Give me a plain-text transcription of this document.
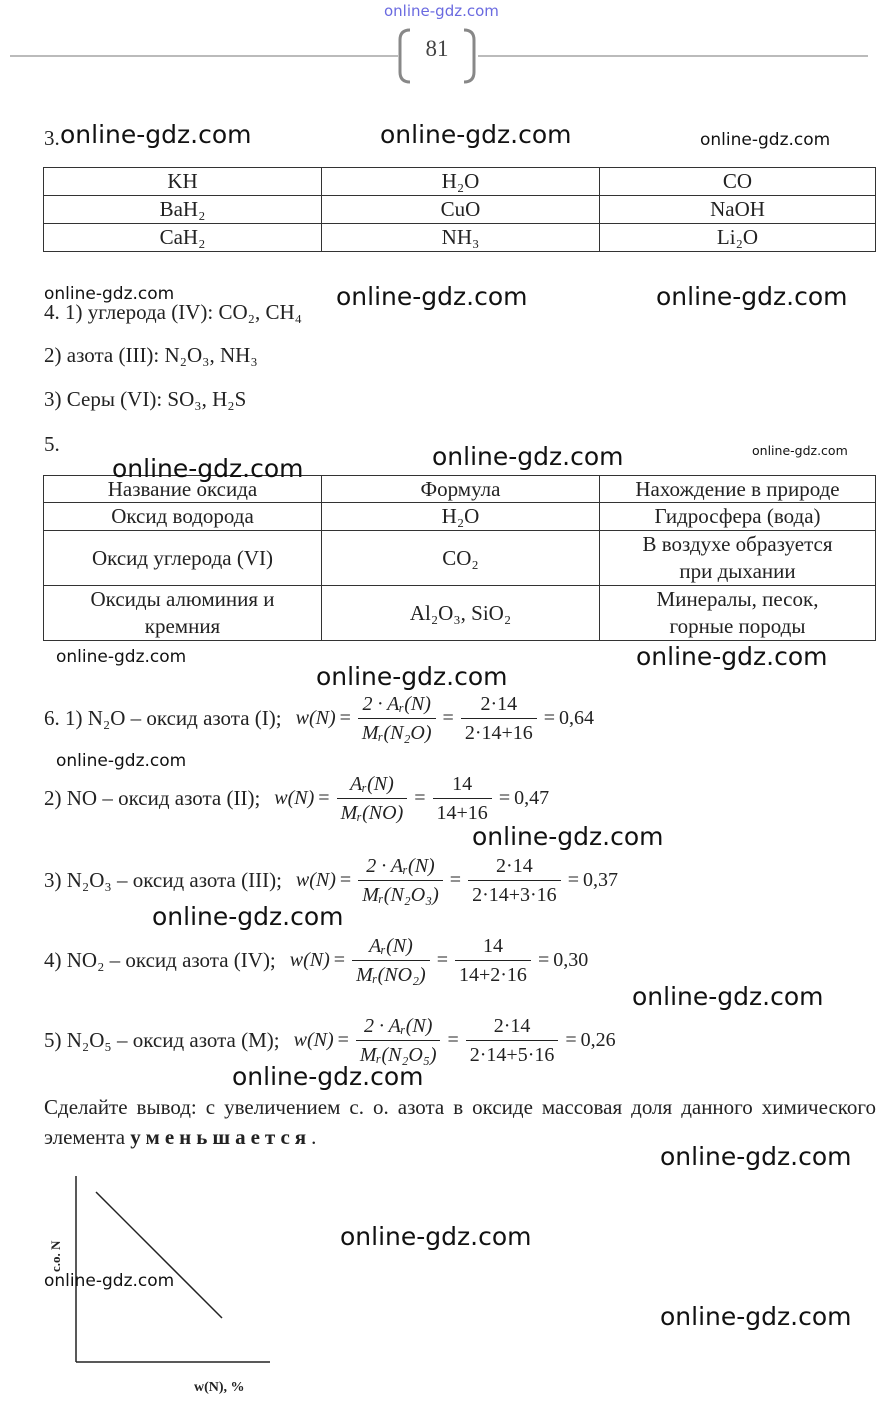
online-gdz.com
81
3.
KH	H₂O	CO
BaH₂	CuO	NaOH
CaH₂	NH₃	Li₂O
4. 1) углерода (IV): CO₂, CH₄
2) азота (III): N₂O₃, NH₃
3) Серы (VI): SO₃, H₂S
5.
Название оксида	Формула	Нахождение в природе
Оксид водорода	H₂O	Гидросфера (вода)
Оксид углерода (VI)	CO₂	В воздухе образуется
при дыхании
Оксиды алюминия и
кремния	Al₂O₃, SiO₂	Минералы, песок,
горные породы
6. 1) N₂O – оксид азота (I); $w(N) = \frac{\text{2 · Aᵣ(N)}}{\text{Mᵣ(N₂O)}} = \frac{2\cdot 14}{2\cdot 14+16} = 0,64$
2) NO – оксид азота (II); $w(N) = \frac{\text{Aᵣ(N)}}{\text{Mᵣ(NO)}} = \frac{14}{14+16} = 0,47$
3) N₂O₃ – оксид азота (III); $w(N) = \frac{\text{2 · Aᵣ(N)}}{\text{Mᵣ(N₂O₃)}} = \frac{2\cdot 14}{2\cdot 14+3\cdot 16} = 0,37$
4) NO₂ – оксид азота (IV); $w(N) = \frac{\text{Aᵣ(N)}}{\text{Mᵣ(NO₂)}} = \frac{14}{14+2\cdot 16} = 0,30$
5) N₂O₅ – оксид азота (M); $w(N) = \frac{\text{2 · Aᵣ(N)}}{\text{Mᵣ(N₂O₅)}} = \frac{2\cdot 14}{2\cdot 14+5\cdot 16} = 0,26$
Сделайте вывод: с увеличением с. о. азота в оксиде массовая доля данного химического элемента уменьшается.
с.о. N
w(N), %
online-gdz.com	online-gdz.com	online-gdz.com
online-gdz.com	online-gdz.com	online-gdz.com
online-gdz.com	online-gdz.com	online-gdz.com
online-gdz.com	online-gdz.com
online-gdz.com
online-gdz.com
online-gdz.com
online-gdz.com
online-gdz.com
online-gdz.com
online-gdz.com
online-gdz.com
online-gdz.com
online-gdz.com
